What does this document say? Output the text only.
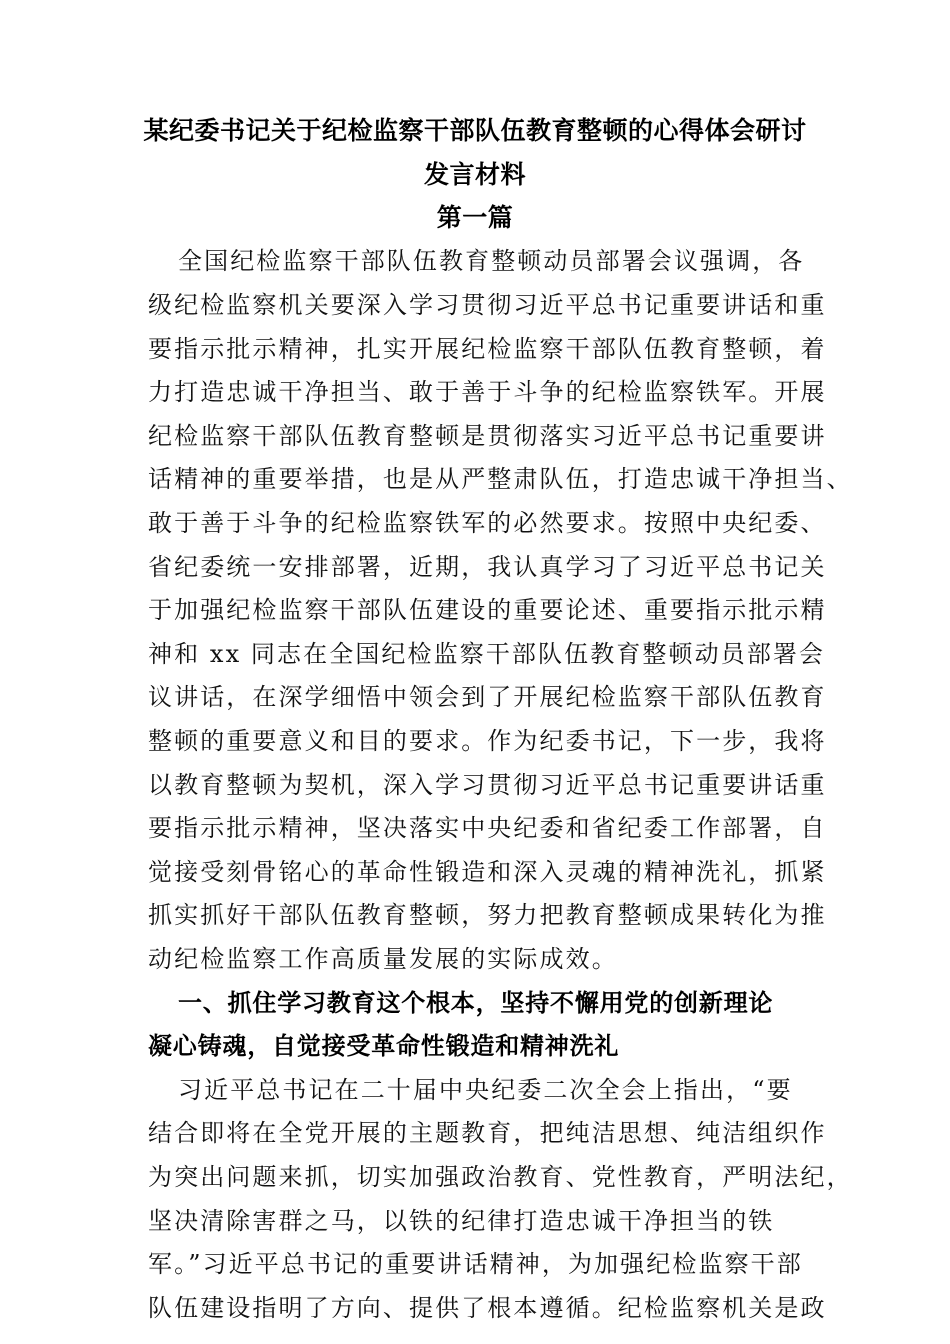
某纪委书记关于纪检监察干部队伍教育整顿的心得体会研讨
发言材料
第一篇
全国纪检监察干部队伍教育整顿动员部署会议强调，各
级纪检监察机关要深入学习贯彻习近平总书记重要讲话和重
要指示批示精神，扎实开展纪检监察干部队伍教育整顿，着
力打造忠诚干净担当、敢于善于斗争的纪检监察铁军。开展
纪检监察干部队伍教育整顿是贯彻落实习近平总书记重要讲
话精神的重要举措，也是从严整肃队伍，打造忠诚干净担当、
敢于善于斗争的纪检监察铁军的必然要求。按照中央纪委、
省纪委统一安排部署，近期，我认真学习了习近平总书记关
于加强纪检监察干部队伍建设的重要论述、重要指示批示精
神和 xx 同志在全国纪检监察干部队伍教育整顿动员部署会
议讲话，在深学细悟中领会到了开展纪检监察干部队伍教育
整顿的重要意义和目的要求。作为纪委书记，下一步，我将
以教育整顿为契机，深入学习贯彻习近平总书记重要讲话重
要指示批示精神，坚决落实中央纪委和省纪委工作部署，自
觉接受刻骨铭心的革命性锻造和深入灵魂的精神洗礼，抓紧
抓实抓好干部队伍教育整顿，努力把教育整顿成果转化为推
动纪检监察工作高质量发展的实际成效。
一、抓住学习教育这个根本，坚持不懈用党的创新理论
凝心铸魂，自觉接受革命性锻造和精神洗礼
习近平总书记在二十届中央纪委二次全会上指出，“要
结合即将在全党开展的主题教育，把纯洁思想、纯洁组织作
为突出问题来抓，切实加强政治教育、党性教育，严明法纪，
坚决清除害群之马，以铁的纪律打造忠诚干净担当的铁
军。”习近平总书记的重要讲话精神，为加强纪检监察干部
队伍建设指明了方向、提供了根本遵循。纪检监察机关是政
